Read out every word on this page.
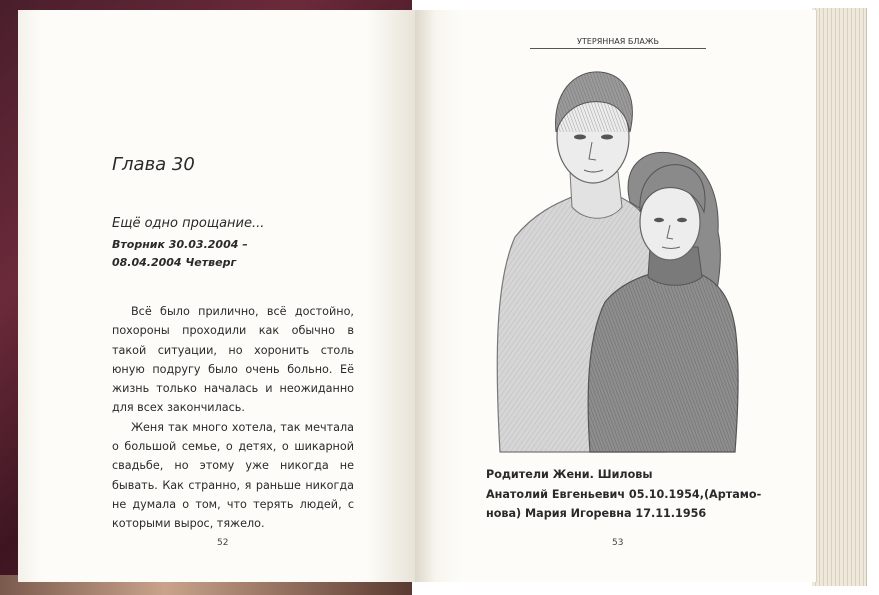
Глава 30
Ещё одно прощание...
Вторник 30.03.2004 –
08.04.2004 Четверг

Всё было прилично, всё достойно, похороны проходили как обычно в такой ситуации, но хоронить столь юную подругу было очень больно. Её жизнь только началась и неожиданно для всех закончилась.

Женя так много хотела, так мечтала о большой семье, о детях, о шикарной свадьбе, но этому уже никогда не бывать. Как странно, я раньше никогда не думала о том, что терять людей, с которыми вырос, тяжело.

52
УТЕРЯННАЯ БЛАЖЬ
Родители Жени. Шиловы
Анатолий Евгеньевич 05.10.1954,(Артамо-
нова) Мария Игоревна 17.11.1956
53
